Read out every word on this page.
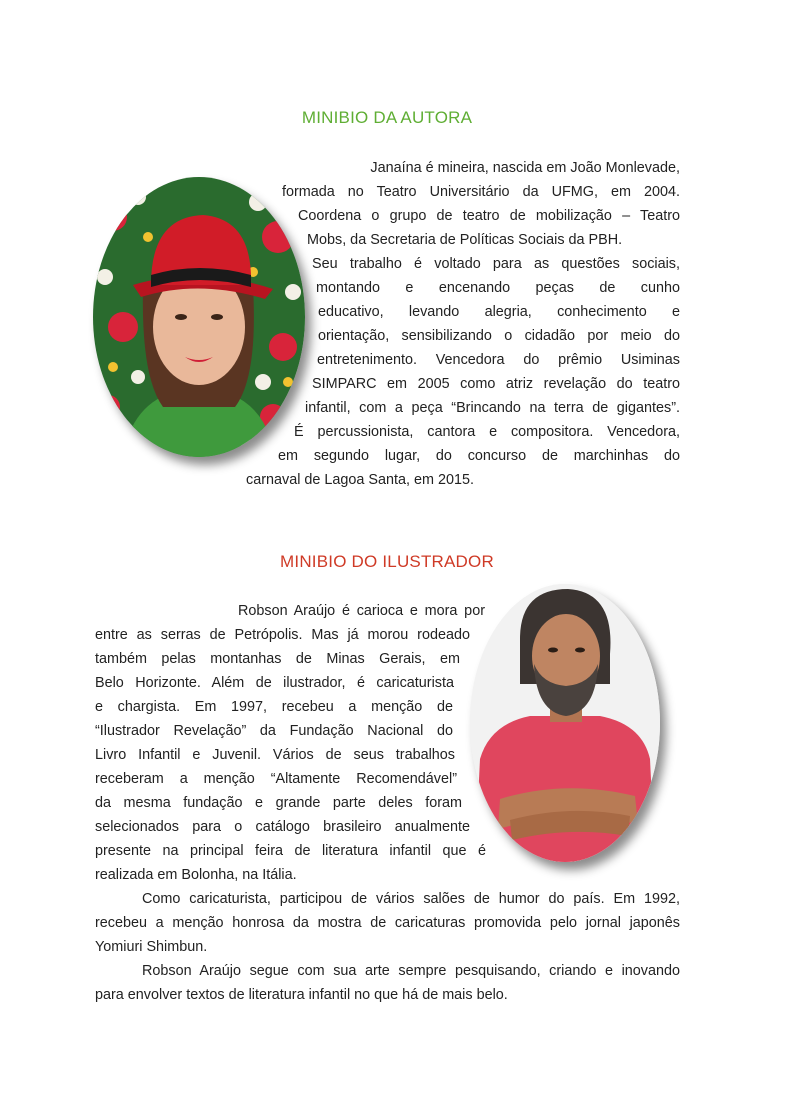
MINIBIO DA AUTORA
MINIBIO DO ILUSTRADOR
Janaína é mineira, nascida em João Monlevade,
formada no Teatro Universitário da UFMG, em 2004.
Coordena o grupo de teatro de mobilização – Teatro
Mobs, da Secretaria de Políticas Sociais da PBH.
Seu trabalho é voltado para as questões sociais,
montando e encenando peças de cunho
educativo, levando alegria, conhecimento e
orientação, sensibilizando o cidadão por meio do
entretenimento. Vencedora do prêmio Usiminas
SIMPARC em 2005 como atriz revelação do teatro
infantil, com a peça “Brincando na terra de gigantes”.
É percussionista, cantora e compositora. Vencedora,
em segundo lugar, do concurso de marchinhas do
carnaval de Lagoa Santa, em 2015.
Robson Araújo é carioca e mora por
entre as serras de Petrópolis. Mas já morou rodeado
também pelas montanhas de Minas Gerais, em
Belo Horizonte. Além de ilustrador, é caricaturista
e chargista. Em 1997, recebeu a menção de
“Ilustrador Revelação” da Fundação Nacional do
Livro Infantil e Juvenil. Vários de seus trabalhos
receberam a menção “Altamente Recomendável”
da mesma fundação e grande parte deles foram
selecionados para o catálogo brasileiro anualmente
presente na principal feira de literatura infantil que é
realizada em Bolonha, na Itália.
Como caricaturista, participou de vários salões de humor do país. Em 1992,
recebeu a menção honrosa da mostra de caricaturas promovida pelo jornal japonês
Yomiuri Shimbun.
Robson Araújo segue com sua arte sempre pesquisando, criando e inovando
para envolver textos de literatura infantil no que há de mais belo.
